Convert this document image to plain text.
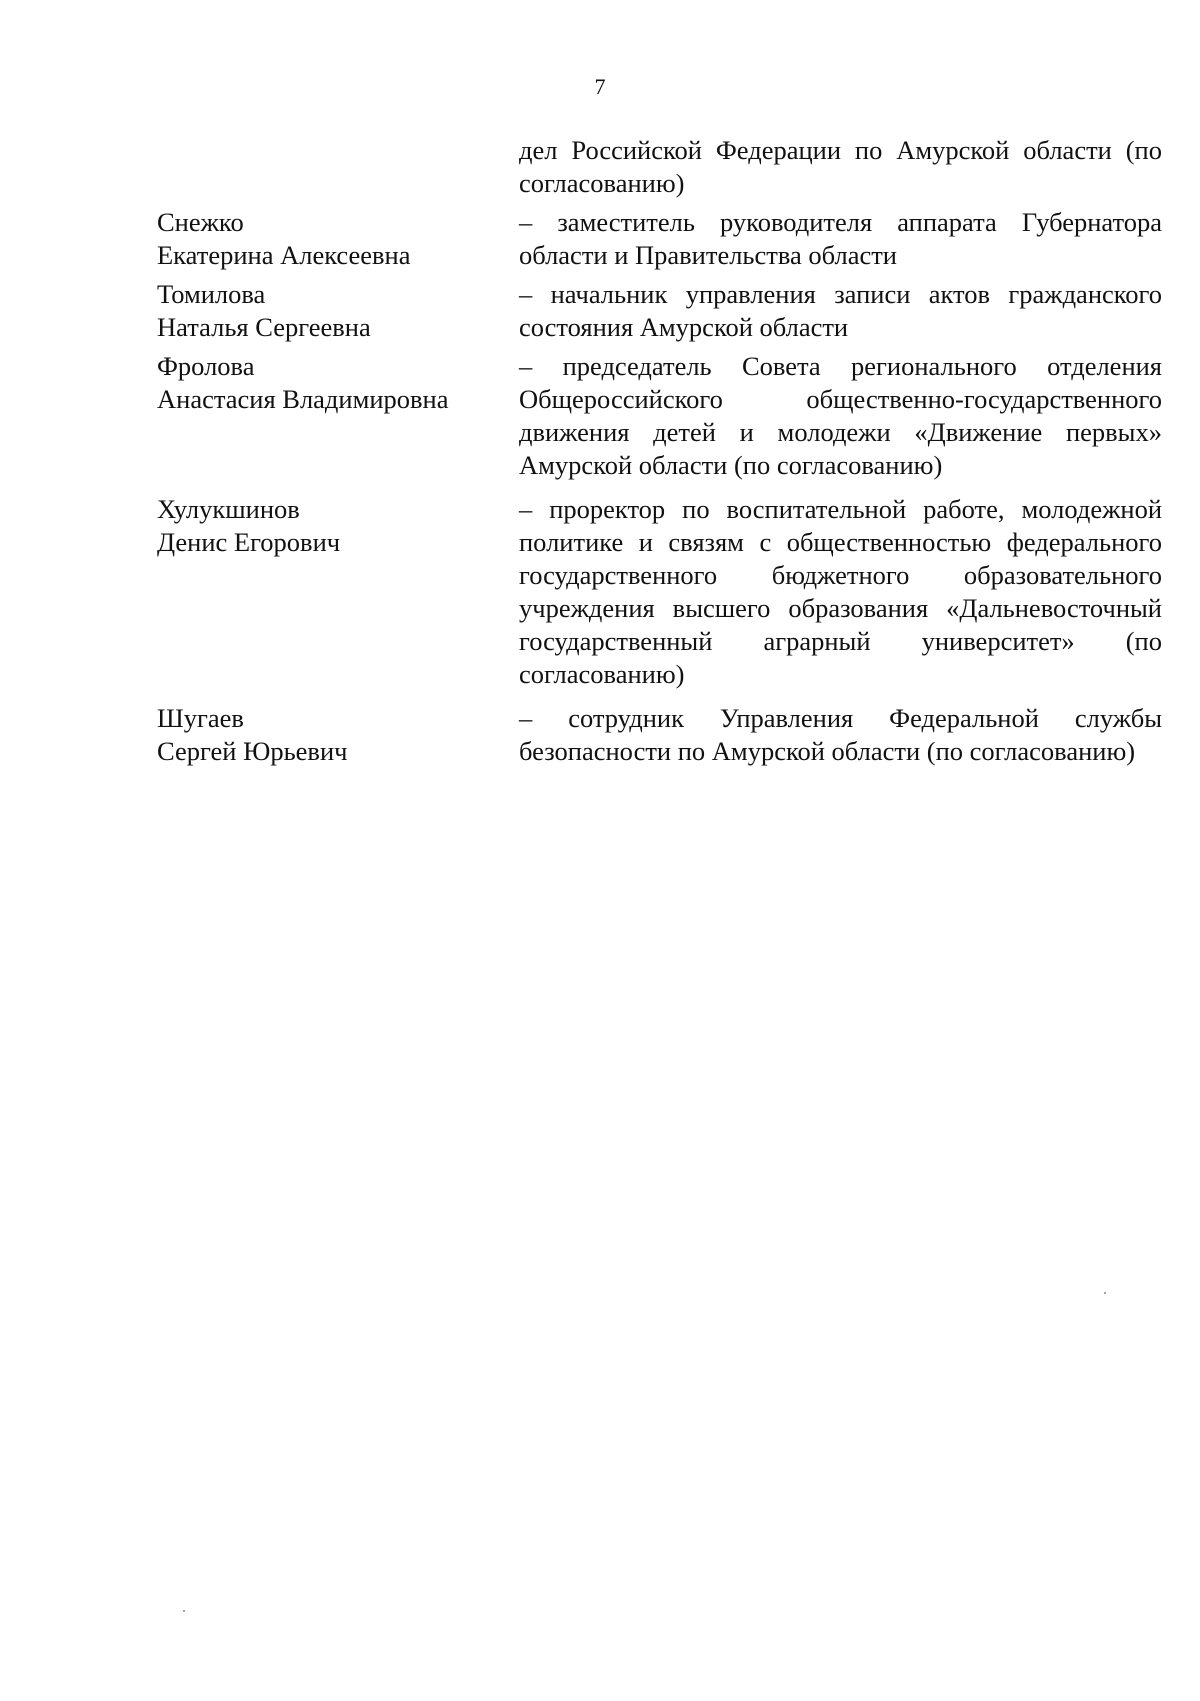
7
дел Российской Федерации по Амурской области (по согласованию)
Снежко
Екатерина Алексеевна
– заместитель руководителя аппарата Губернатора области и Правительства области
Томилова
Наталья Сергеевна
– начальник управления записи актов гражданского состояния Амурской области
Фролова
Анастасия Владимировна
– председатель Совета регионального отделения Общероссийского общественно-государственного движения детей и молодежи «Движение первых» Амурской области (по согласованию)
Хулукшинов
Денис Егорович
– проректор по воспитательной работе, молодежной политике и связям с общественностью федерального государственного бюджетного образовательного учреждения высшего образования «Дальневосточный государственный аграрный университет» (по согласованию)
Шугаев
Сергей Юрьевич
– сотрудник Управления Федеральной службы безопасности по Амурской области (по согласованию)
